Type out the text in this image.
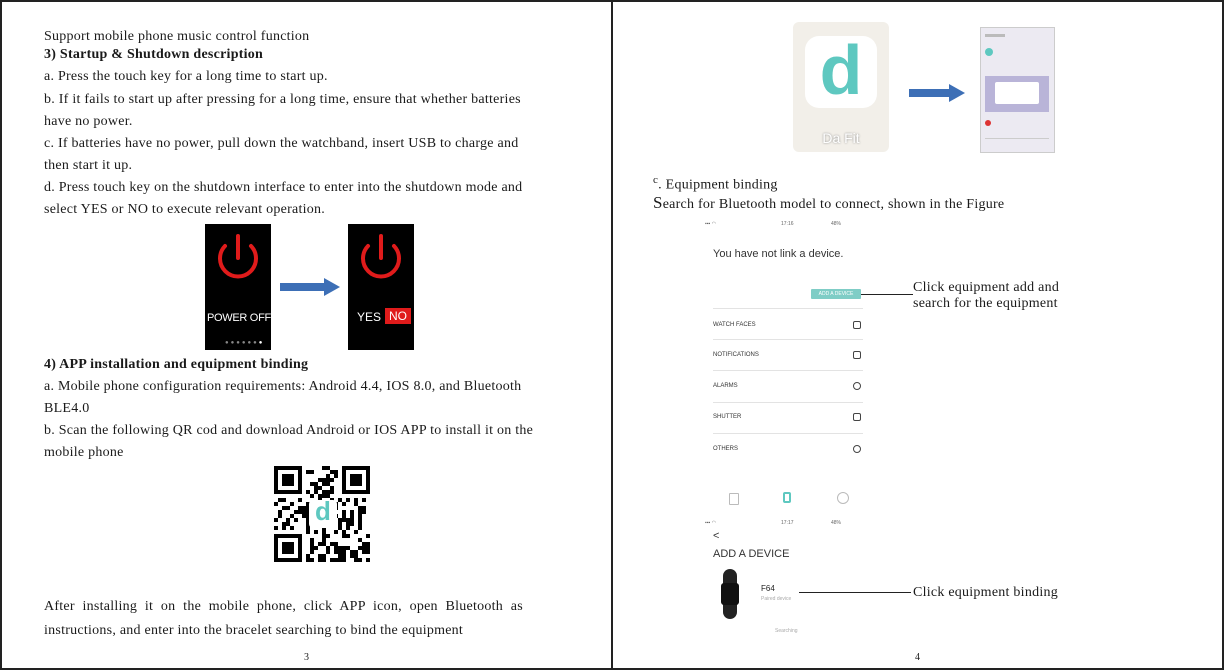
Support mobile phone music control function
3) Startup & Shutdown description
a. Press the touch key for a long time to start up.
b. If it fails to start up after pressing for a long time, ensure that whether batteries
have no power.
c. If batteries have no power, pull down the watchband, insert USB to charge and
then start it up.
d. Press touch key on the shutdown interface to enter into the shutdown mode and
select YES or NO to execute relevant operation.
POWER OFF
●●●●●●●
YES NO
4) APP installation and equipment binding
a. Mobile phone configuration requirements: Android 4.4, IOS 8.0, and Bluetooth
BLE4.0
b. Scan the following QR cod and download Android or IOS APP to install it on the
mobile phone
d
After installing it on the mobile phone, click APP icon, open Bluetooth as
instructions, and enter into the bracelet searching to bind the equipment
3
d
Da Fit
$^c$. Equipment binding
Search for Bluetooth model to connect, shown in the Figure
▪▪▪ ◠	17:16	48%
You have not link a device.
ADD A DEVICE
WATCH FACES
NOTIFICATIONS
ALARMS
SHUTTER
OTHERS
Click equipment add and
search for the equipment
▪▪▪ ◠	17:17	48%
<
ADD A DEVICE
F64
Paired device
Searching
Click equipment binding
4
